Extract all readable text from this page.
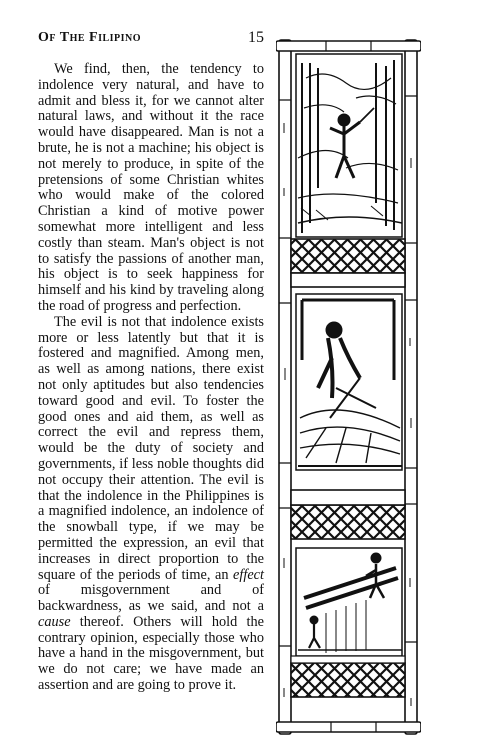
Of The Filipino	15

We find, then, the tendency to indolence very natural, and have to admit and bless it, for we cannot alter natural laws, and without it the race would have disappeared. Man is not a brute, he is not a machine; his object is not merely to produce, in spite of the pretensions of some Christian whites who would make of the colored Christian a kind of motive power somewhat more intelligent and less costly than steam. Man's object is not to satisfy the passions of another man, his object is to seek happiness for himself and his kind by traveling along the road of progress and perfection.

The evil is not that indolence exists more or less latently but that it is fostered and magnified. Among men, as well as among nations, there exist not only aptitudes but also tendencies toward good and evil. To foster the good ones and aid them, as well as correct the evil and repress them, would be the duty of society and governments, if less noble thoughts did not occupy their attention. The evil is that the indolence in the Philippines is a magnified indolence, an indolence of the snowball type, if we may be permitted the expression, an evil that increases in direct proportion to the square of the periods of time, an effect of misgovernment and of backwardness, as we said, and not a cause thereof. Others will hold the contrary opinion, especially those who have a hand in the misgovernment, but we do not care; we have made an assertion and are going to prove it.
